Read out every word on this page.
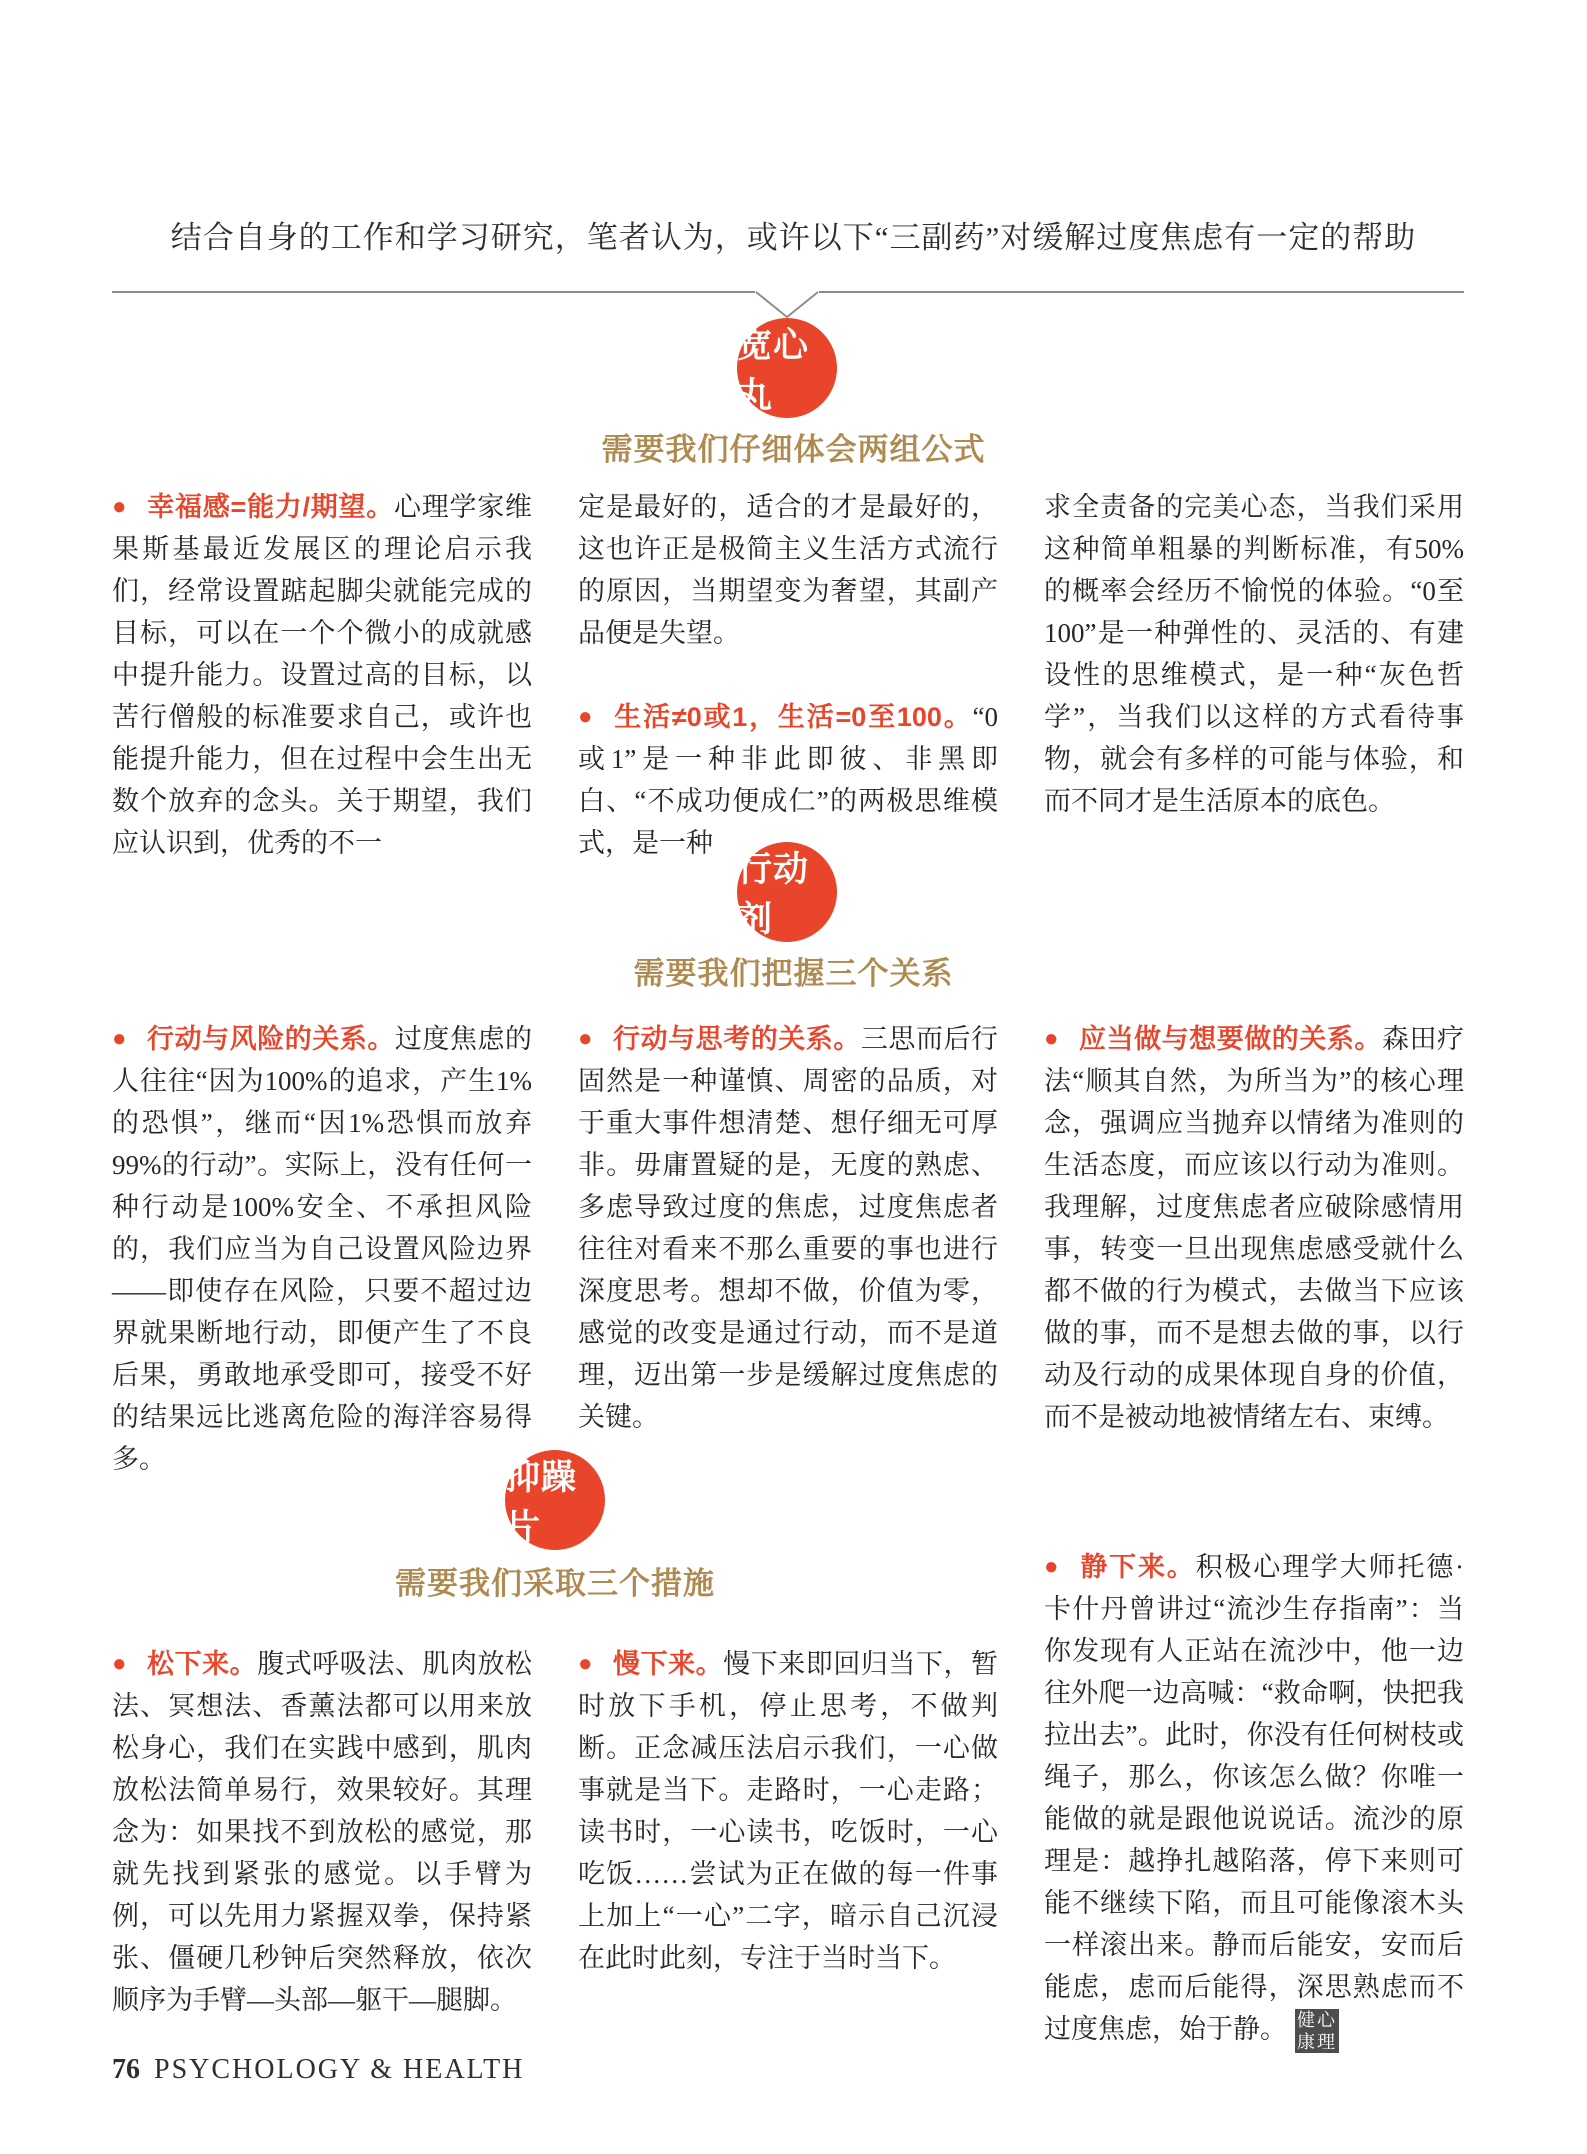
结合自身的工作和学习研究，笔者认为，或许以下“三副药”对缓解过度焦虑有一定的帮助
宽心丸
需要我们仔细体会两组公式
● 幸福感=能力/期望。心理学家维果斯基最近发展区的理论启示我们，经常设置踮起脚尖就能完成的目标，可以在一个个微小的成就感中提升能力。设置过高的目标，以苦行僧般的标准要求自己，或许也能提升能力，但在过程中会生出无数个放弃的念头。关于期望，我们应认识到，优秀的不一
定是最好的，适合的才是最好的，这也许正是极简主义生活方式流行的原因，当期望变为奢望，其副产品便是失望。
● 生活≠0或1，生活=0至100。“0或1”是一种非此即彼、非黑即白、“不成功便成仁”的两极思维模式，是一种
求全责备的完美心态，当我们采用这种简单粗暴的判断标准，有50%的概率会经历不愉悦的体验。“0至100”是一种弹性的、灵活的、有建设性的思维模式，是一种“灰色哲学”，当我们以这样的方式看待事物，就会有多样的可能与体验，和而不同才是生活原本的底色。
行动剂
需要我们把握三个关系
● 行动与风险的关系。过度焦虑的人往往“因为100%的追求，产生1%的恐惧”，继而“因1%恐惧而放弃99%的行动”。实际上，没有任何一种行动是100%安全、不承担风险的，我们应当为自己设置风险边界——即使存在风险，只要不超过边界就果断地行动，即便产生了不良后果，勇敢地承受即可，接受不好的结果远比逃离危险的海洋容易得多。
● 行动与思考的关系。三思而后行固然是一种谨慎、周密的品质，对于重大事件想清楚、想仔细无可厚非。毋庸置疑的是，无度的熟虑、多虑导致过度的焦虑，过度焦虑者往往对看来不那么重要的事也进行深度思考。想却不做，价值为零，感觉的改变是通过行动，而不是道理，迈出第一步是缓解过度焦虑的关键。
● 应当做与想要做的关系。森田疗法“顺其自然，为所当为”的核心理念，强调应当抛弃以情绪为准则的生活态度，而应该以行动为准则。我理解，过度焦虑者应破除感情用事，转变一旦出现焦虑感受就什么都不做的行为模式，去做当下应该做的事，而不是想去做的事，以行动及行动的成果体现自身的价值，而不是被动地被情绪左右、束缚。
抑躁片
需要我们采取三个措施
● 松下来。腹式呼吸法、肌肉放松法、冥想法、香薰法都可以用来放松身心，我们在实践中感到，肌肉放松法简单易行，效果较好。其理念为：如果找不到放松的感觉，那就先找到紧张的感觉。以手臂为例，可以先用力紧握双拳，保持紧张、僵硬几秒钟后突然释放，依次顺序为手臂—头部—躯干—腿脚。
● 慢下来。慢下来即回归当下，暂时放下手机，停止思考，不做判断。正念减压法启示我们，一心做事就是当下。走路时，一心走路；读书时，一心读书，吃饭时，一心吃饭……尝试为正在做的每一件事上加上“一心”二字，暗示自己沉浸在此时此刻，专注于当时当下。
● 静下来。积极心理学大师托德·卡什丹曾讲过“流沙生存指南”：当你发现有人正站在流沙中，他一边往外爬一边高喊：“救命啊，快把我拉出去”。此时，你没有任何树枝或绳子，那么，你该怎么做？你唯一能做的就是跟他说说话。流沙的原理是：越挣扎越陷落，停下来则可能不继续下陷，而且可能像滚木头一样滚出来。静而后能安，安而后能虑，虑而后能得，深思熟虑而不过度焦虑，始于静。 健心
康理
76 PSYCHOLOGY & HEALTH
